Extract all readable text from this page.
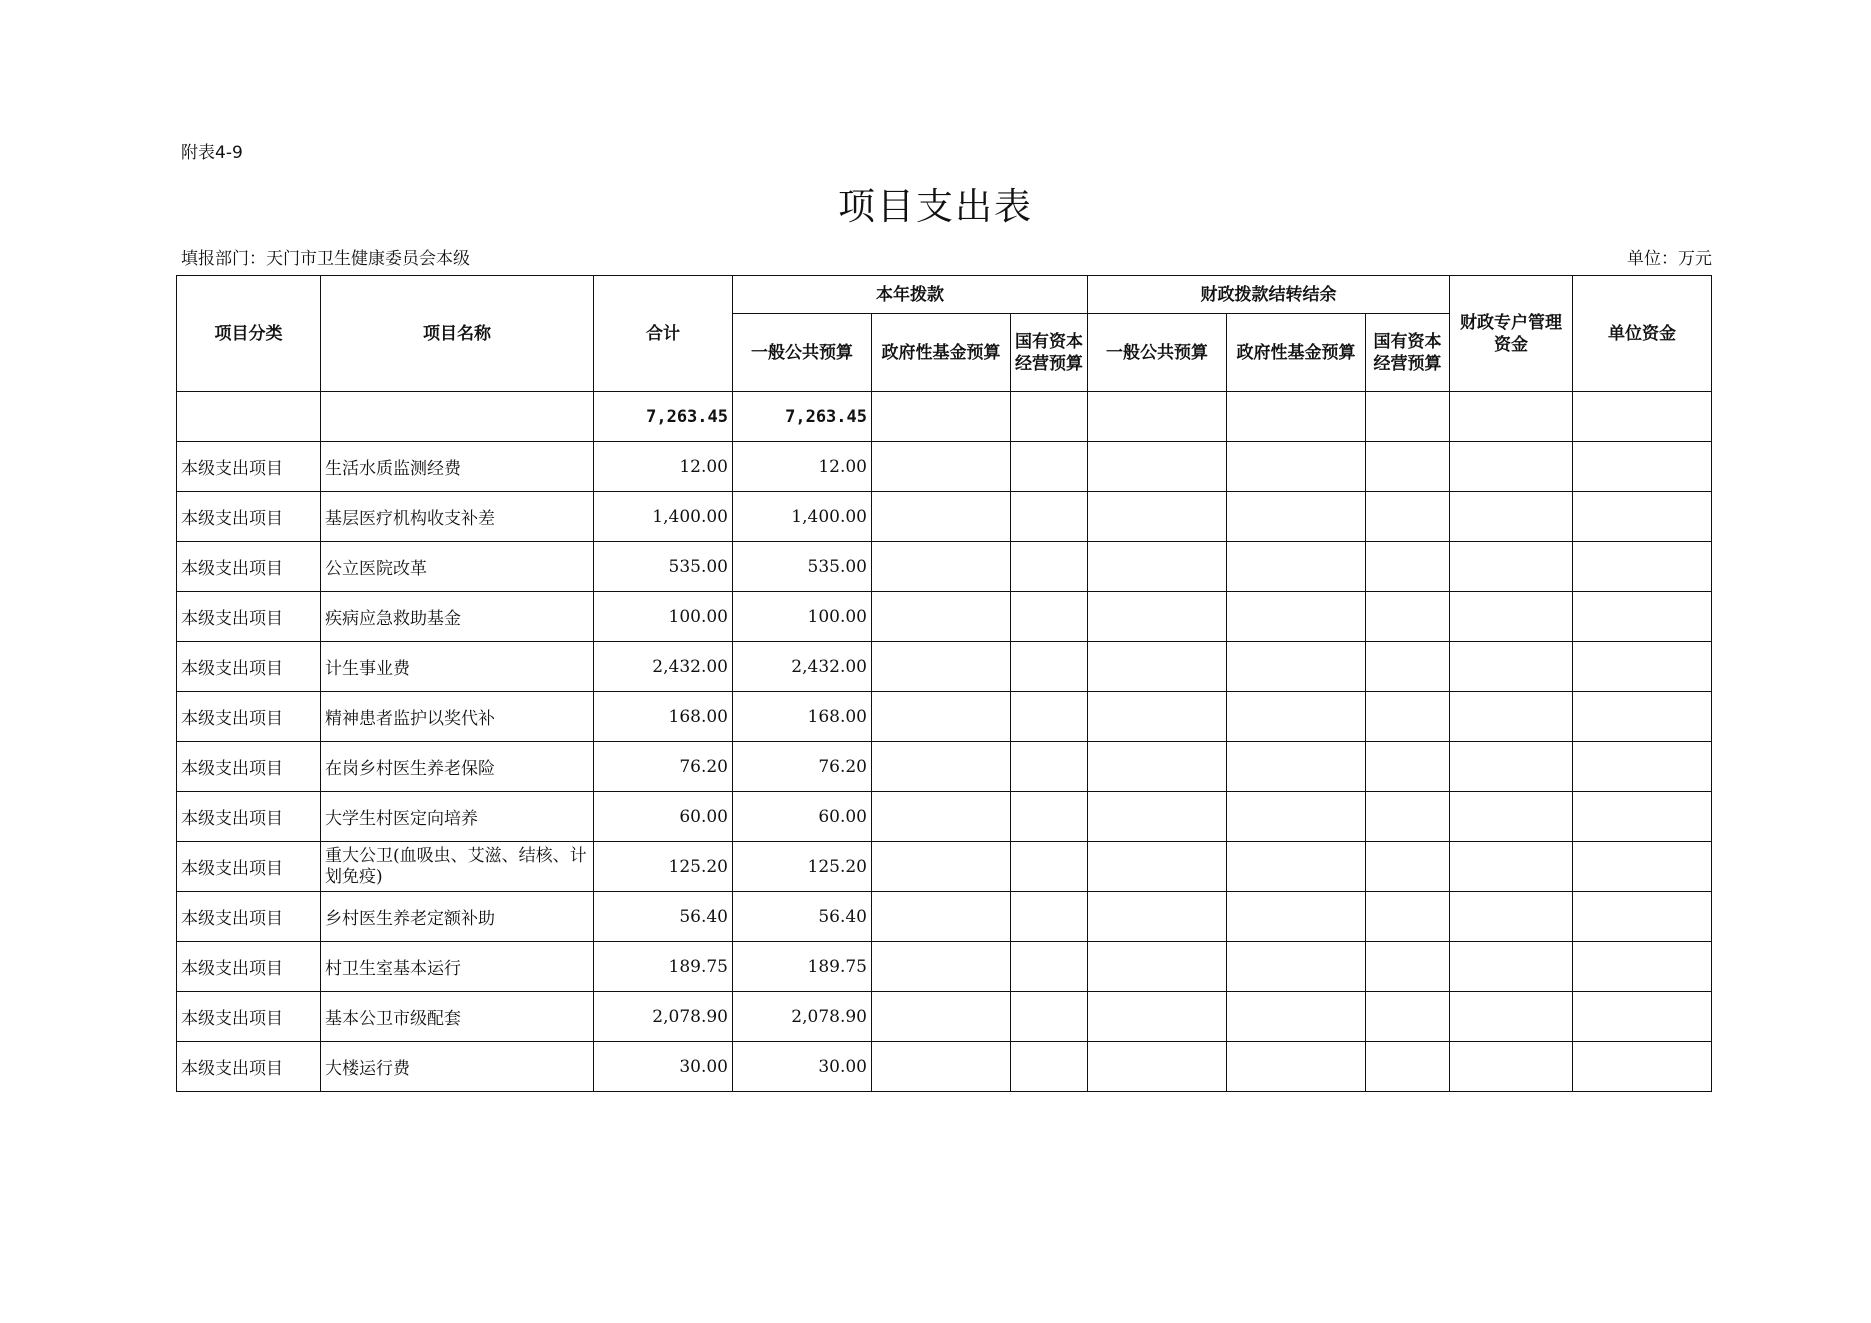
附表4-9
项目支出表
填报部门：天门市卫生健康委员会本级	单位：万元
项目分类	项目名称	合计	本年拨款			财政拨款结转结余			财政专户管理资金	单位资金
			一般公共预算	政府性基金预算	国有资本经营预算	一般公共预算	政府性基金预算	国有资本经营预算		
		7,263.45	7,263.45							
本级支出项目	生活水质监测经费	12.00	12.00							
本级支出项目	基层医疗机构收支补差	1,400.00	1,400.00							
本级支出项目	公立医院改革	535.00	535.00							
本级支出项目	疾病应急救助基金	100.00	100.00							
本级支出项目	计生事业费	2,432.00	2,432.00							
本级支出项目	精神患者监护以奖代补	168.00	168.00							
本级支出项目	在岗乡村医生养老保险	76.20	76.20							
本级支出项目	大学生村医定向培养	60.00	60.00							
本级支出项目	重大公卫(血吸虫、艾滋、结核、计划免疫)	125.20	125.20							
本级支出项目	乡村医生养老定额补助	56.40	56.40							
本级支出项目	村卫生室基本运行	189.75	189.75							
本级支出项目	基本公卫市级配套	2,078.90	2,078.90							
本级支出项目	大楼运行费	30.00	30.00							
